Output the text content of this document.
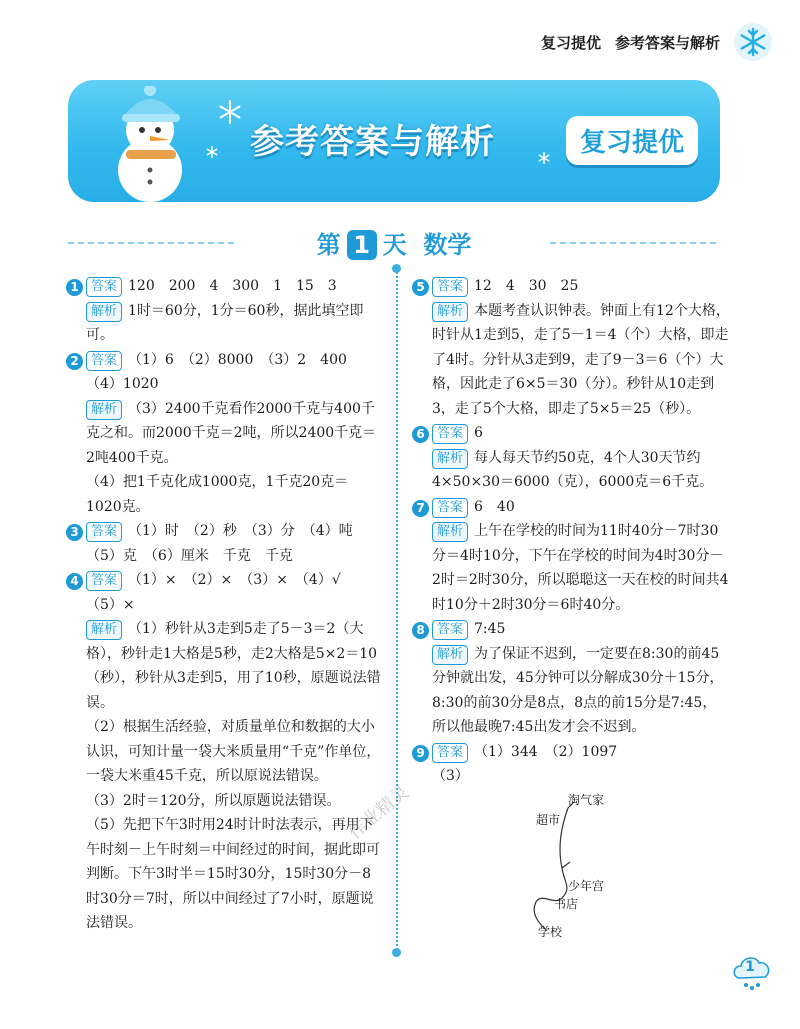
复习提优 参考答案与解析
参考答案与解析	复习提优
第 1 天 数学
1 答案 120　200　4　300　1　15　3
解析 1时＝60分，1分＝60秒，据此填空即可。
2 答案 （1）6　（2）8000　（3）2　400
（4）1020
解析 （3）2400千克看作2000千克与400千克之和。而2000千克＝2吨，所以2400千克＝2吨400千克。
（4）把1千克化成1000克，1千克20克＝1020克。
3 答案 （1）时　（2）秒　（3）分　（4）吨
（5）克　（6）厘米　千克　千克
4 答案 （1）×　（2）×　（3）×　（4）√
（5）×
解析 （1）秒针从3走到5走了5－3＝2（大格），秒针走1大格是5秒，走2大格是5×2＝10（秒），秒针从3走到5，用了10秒，原题说法错误。
（2）根据生活经验，对质量单位和数据的大小认识，可知计量一袋大米质量用“千克”作单位，一袋大米重45千克，所以原说法错误。
（3）2时＝120分，所以原题说法错误。
（5）先把下午3时用24时计时法表示，再用下午时刻－上午时刻＝中间经过的时间，据此即可判断。下午3时半＝15时30分，15时30分－8时30分＝7时，所以中间经过了7小时，原题说法错误。
5 答案 12　4　30　25
解析 本题考查认识钟表。钟面上有12个大格，时针从1走到5，走了5－1＝4（个）大格，即走了4时。分针从3走到9，走了9－3＝6（个）大格，因此走了6×5＝30（分）。秒针从10走到3，走了5个大格，即走了5×5＝25（秒）。
6 答案 6
解析 每人每天节约50克，4个人30天节约4×50×30＝6000（克），6000克＝6千克。
7 答案 6　40
解析 上午在学校的时间为11时40分－7时30分＝4时10分，下午在学校的时间为4时30分－2时＝2时30分，所以聪聪这一天在校的时间共4时10分＋2时30分＝6时40分。
8 答案 7:45
解析 为了保证不迟到，一定要在8:30的前45分钟就出发，45分钟可以分解成30分＋15分，8:30的前30分是8点，8点的前15分是7:45，所以他最晚7:45出发才会不迟到。
9 答案 （1）344　（2）1097
（3）
淘气家
超市
少年宫
书店
学校
作业精灵
1
